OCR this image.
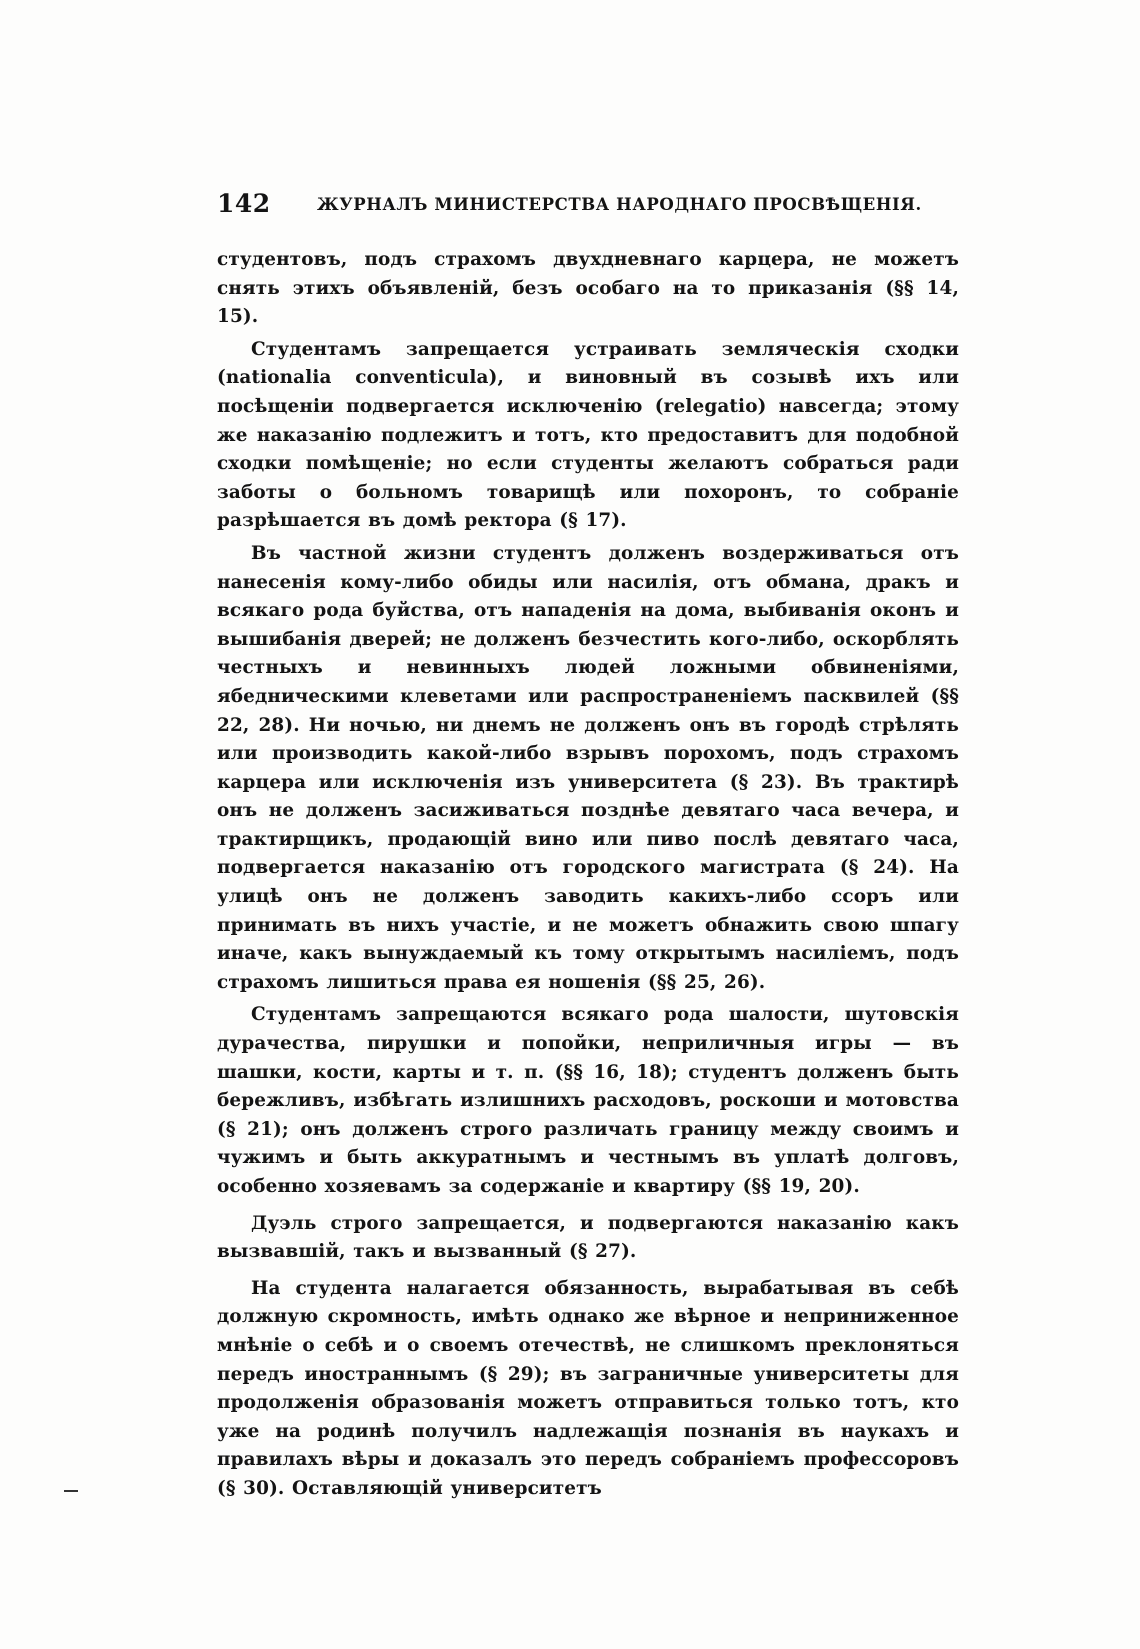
142	ЖУРНАЛЪ МИНИСТЕРСТВА НАРОДНАГО ПРОСВѢЩЕНІЯ.

студентовъ, подъ страхомъ двухдневнаго карцера, не можетъ снять этихъ объявленій, безъ особаго на то приказанія (§§ 14, 15).

Студентамъ запрещается устраивать земляческія сходки (nationalia conventicula), и виновный въ созывѣ ихъ или посѣщеніи подвергается исключенію (relegatio) навсегда; этому же наказанію подлежитъ и тотъ, кто предоставитъ для подобной сходки помѣщеніе; но если студенты желаютъ собраться ради заботы о больномъ товарищѣ или похоронъ, то собраніе разрѣшается въ домѣ ректора (§ 17).

Въ частной жизни студентъ долженъ воздерживаться отъ нанесенія кому-либо обиды или насилія, отъ обмана, дракъ и всякаго рода буйства, отъ нападенія на дома, выбиванія оконъ и вышибанія дверей; не долженъ безчестить кого-либо, оскорблять честныхъ и невинныхъ людей ложными обвиненіями, ябедническими клеветами или распространеніемъ пасквилей (§§ 22, 28). Ни ночью, ни днемъ не долженъ онъ въ городѣ стрѣлять или производить какой-либо взрывъ порохомъ, подъ страхомъ карцера или исключенія изъ университета (§ 23). Въ трактирѣ онъ не долженъ засиживаться позднѣе девятаго часа вечера, и трактирщикъ, продающій вино или пиво послѣ девятаго часа, подвергается наказанію отъ городского магистрата (§ 24). На улицѣ онъ не долженъ заводить какихъ-либо ссоръ или принимать въ нихъ участіе, и не можетъ обнажить свою шпагу иначе, какъ вынуждаемый къ тому открытымъ насиліемъ, подъ страхомъ лишиться права ея ношенія (§§ 25, 26).

Студентамъ запрещаются всякаго рода шалости, шутовскія дурачества, пирушки и попойки, неприличныя игры — въ шашки, кости, карты и т. п. (§§ 16, 18); студентъ долженъ быть бережливъ, избѣгать излишнихъ расходовъ, роскоши и мотовства (§ 21); онъ долженъ строго различать границу между своимъ и чужимъ и быть аккуратнымъ и честнымъ въ уплатѣ долговъ, особенно хозяевамъ за содержаніе и квартиру (§§ 19, 20).

Дуэль строго запрещается, и подвергаются наказанію какъ вызвавшій, такъ и вызванный (§ 27).

На студента налагается обязанность, вырабатывая въ себѣ должную скромность, имѣть однако же вѣрное и неприниженное мнѣніе о себѣ и о своемъ отечествѣ, не слишкомъ преклоняться передъ иностраннымъ (§ 29); въ заграничные университеты для продолженія образованія можетъ отправиться только тотъ, кто уже на родинѣ получилъ надлежащія познанія въ наукахъ и правилахъ вѣры и доказалъ это передъ собраніемъ профессоровъ (§ 30). Оставляющій университетъ
